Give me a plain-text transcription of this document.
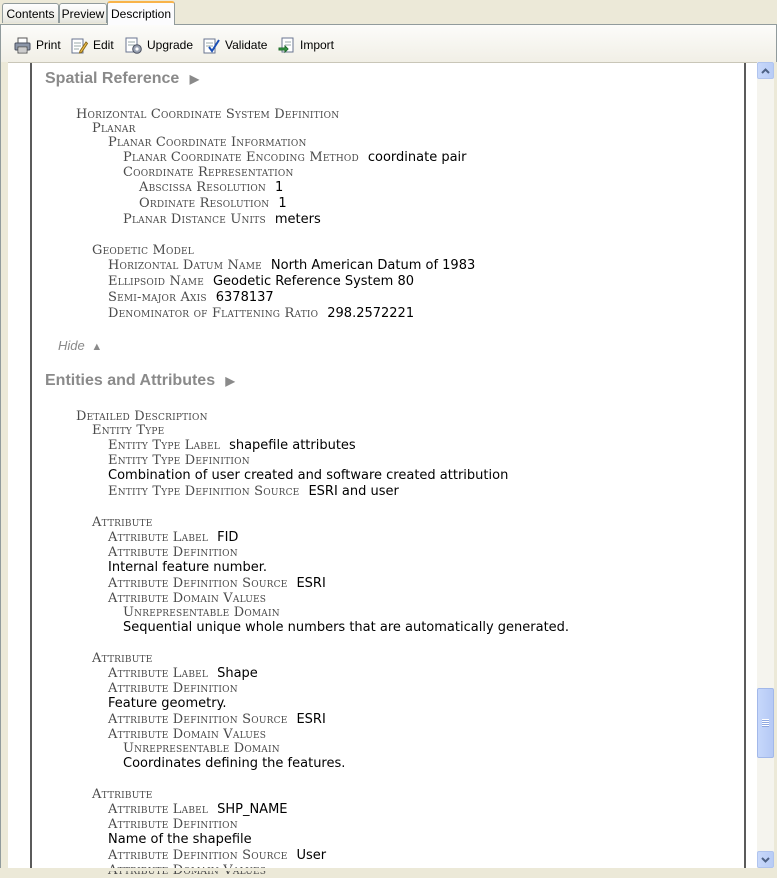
Contents Preview Description
Print	Edit	Upgrade	Validate	Import
Spatial Reference ▶
Horizontal Coordinate System Definition
Planar
Planar Coordinate Information
Planar Coordinate Encoding Method coordinate pair
Coordinate Representation
Abscissa Resolution 1
Ordinate Resolution 1
Planar Distance Units meters
Geodetic Model
Horizontal Datum Name North American Datum of 1983
Ellipsoid Name Geodetic Reference System 80
Semi-major Axis 6378137
Denominator of Flattening Ratio 298.2572221
Hide ▲
Entities and Attributes ▶
Detailed Description
Entity Type
Entity Type Label shapefile attributes
Entity Type Definition
Combination of user created and software created attribution
Entity Type Definition Source ESRI and user
Attribute
Attribute Label FID
Attribute Definition
Internal feature number.
Attribute Definition Source ESRI
Attribute Domain Values
Unrepresentable Domain
Sequential unique whole numbers that are automatically generated.
Attribute
Attribute Label Shape
Attribute Definition
Feature geometry.
Attribute Definition Source ESRI
Attribute Domain Values
Unrepresentable Domain
Coordinates defining the features.
Attribute
Attribute Label SHP_NAME
Attribute Definition
Name of the shapefile
Attribute Definition Source User
